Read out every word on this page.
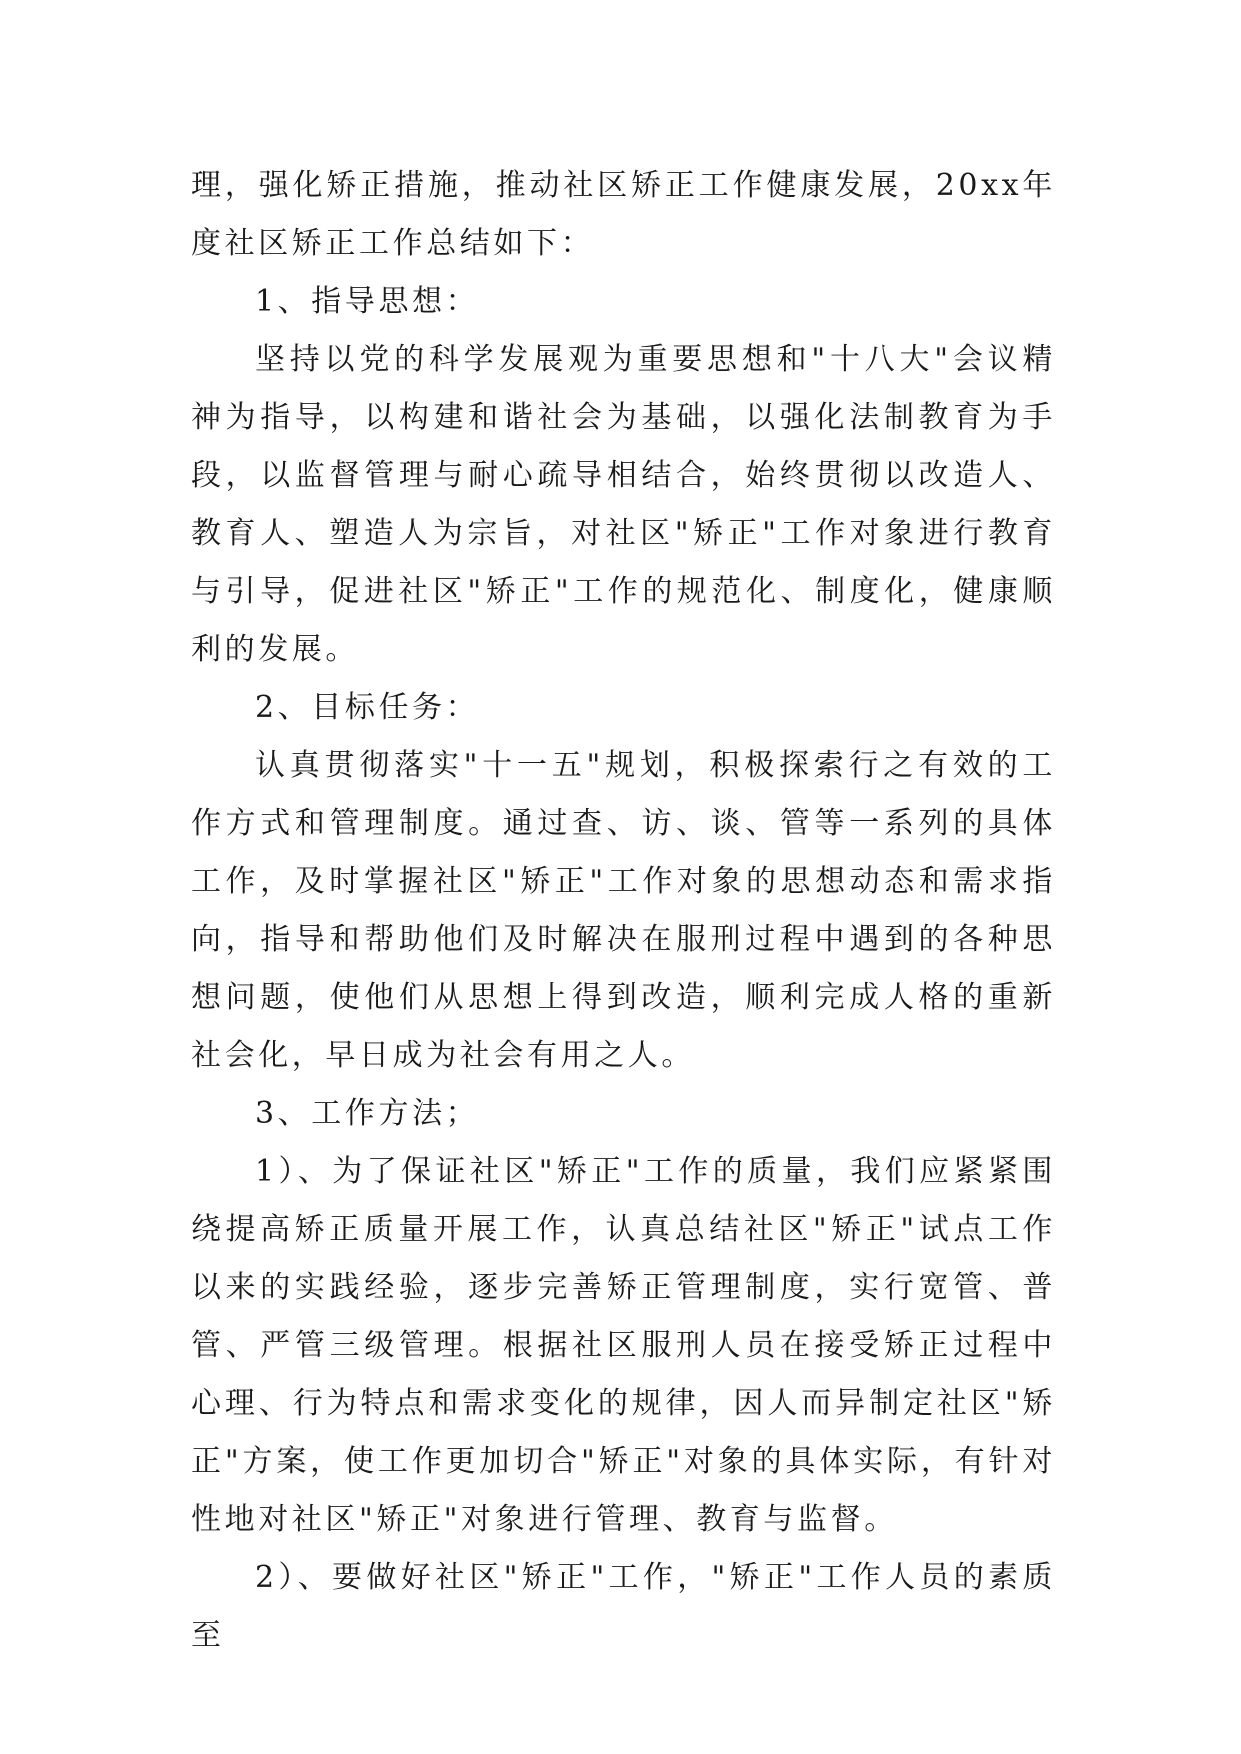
理，强化矫正措施，推动社区矫正工作健康发展，20xx年度社区矫正工作总结如下：

1、指导思想：

坚持以党的科学发展观为重要思想和"十八大"会议精神为指导，以构建和谐社会为基础，以强化法制教育为手段，以监督管理与耐心疏导相结合，始终贯彻以改造人、教育人、塑造人为宗旨，对社区"矫正"工作对象进行教育与引导，促进社区"矫正"工作的规范化、制度化，健康顺利的发展。

2、目标任务：

认真贯彻落实"十一五"规划，积极探索行之有效的工作方式和管理制度。通过查、访、谈、管等一系列的具体工作，及时掌握社区"矫正"工作对象的思想动态和需求指向，指导和帮助他们及时解决在服刑过程中遇到的各种思想问题，使他们从思想上得到改造，顺利完成人格的重新社会化，早日成为社会有用之人。

3、工作方法；

1）、为了保证社区"矫正"工作的质量，我们应紧紧围绕提高矫正质量开展工作，认真总结社区"矫正"试点工作以来的实践经验，逐步完善矫正管理制度，实行宽管、普管、严管三级管理。根据社区服刑人员在接受矫正过程中心理、行为特点和需求变化的规律，因人而异制定社区"矫正"方案，使工作更加切合"矫正"对象的具体实际，有针对性地对社区"矫正"对象进行管理、教育与监督。

2）、要做好社区"矫正"工作，"矫正"工作人员的素质至
